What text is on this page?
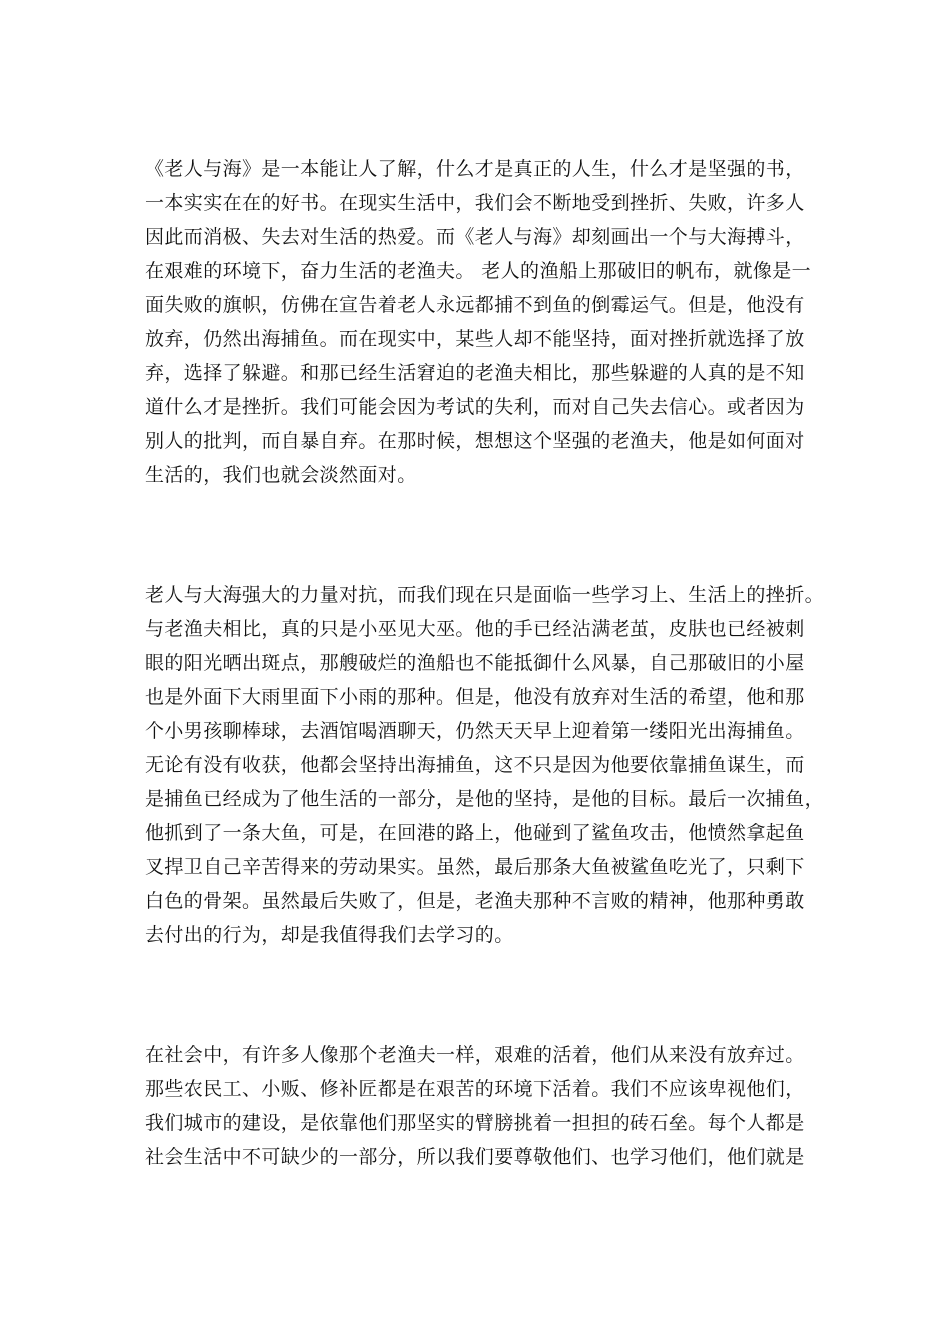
《老人与海》是一本能让人了解，什么才是真正的人生，什么才是坚强的书，
一本实实在在的好书。在现实生活中，我们会不断地受到挫折、失败，许多人
因此而消极、失去对生活的热爱。而《老人与海》却刻画出一个与大海搏斗，
在艰难的环境下，奋力生活的老渔夫。 老人的渔船上那破旧的帆布，就像是一
面失败的旗帜，仿佛在宣告着老人永远都捕不到鱼的倒霉运气。但是，他没有
放弃，仍然出海捕鱼。而在现实中，某些人却不能坚持，面对挫折就选择了放
弃，选择了躲避。和那已经生活窘迫的老渔夫相比，那些躲避的人真的是不知
道什么才是挫折。我们可能会因为考试的失利，而对自己失去信心。或者因为
别人的批判，而自暴自弃。在那时候，想想这个坚强的老渔夫，他是如何面对
生活的，我们也就会淡然面对。
老人与大海强大的力量对抗，而我们现在只是面临一些学习上、生活上的挫折。
与老渔夫相比，真的只是小巫见大巫。他的手已经沾满老茧，皮肤也已经被刺
眼的阳光晒出斑点，那艘破烂的渔船也不能抵御什么风暴，自己那破旧的小屋
也是外面下大雨里面下小雨的那种。但是，他没有放弃对生活的希望，他和那
个小男孩聊棒球，去酒馆喝酒聊天，仍然天天早上迎着第一缕阳光出海捕鱼。
无论有没有收获，他都会坚持出海捕鱼，这不只是因为他要依靠捕鱼谋生，而
是捕鱼已经成为了他生活的一部分，是他的坚持，是他的目标。最后一次捕鱼，
他抓到了一条大鱼，可是，在回港的路上，他碰到了鲨鱼攻击，他愤然拿起鱼
叉捍卫自己辛苦得来的劳动果实。虽然，最后那条大鱼被鲨鱼吃光了，只剩下
白色的骨架。虽然最后失败了，但是，老渔夫那种不言败的精神，他那种勇敢
去付出的行为，却是我值得我们去学习的。
在社会中，有许多人像那个老渔夫一样，艰难的活着，他们从来没有放弃过。
那些农民工、小贩、修补匠都是在艰苦的环境下活着。我们不应该卑视他们，
我们城市的建设，是依靠他们那坚实的臂膀挑着一担担的砖石垒。每个人都是
社会生活中不可缺少的一部分，所以我们要尊敬他们、也学习他们，他们就是
